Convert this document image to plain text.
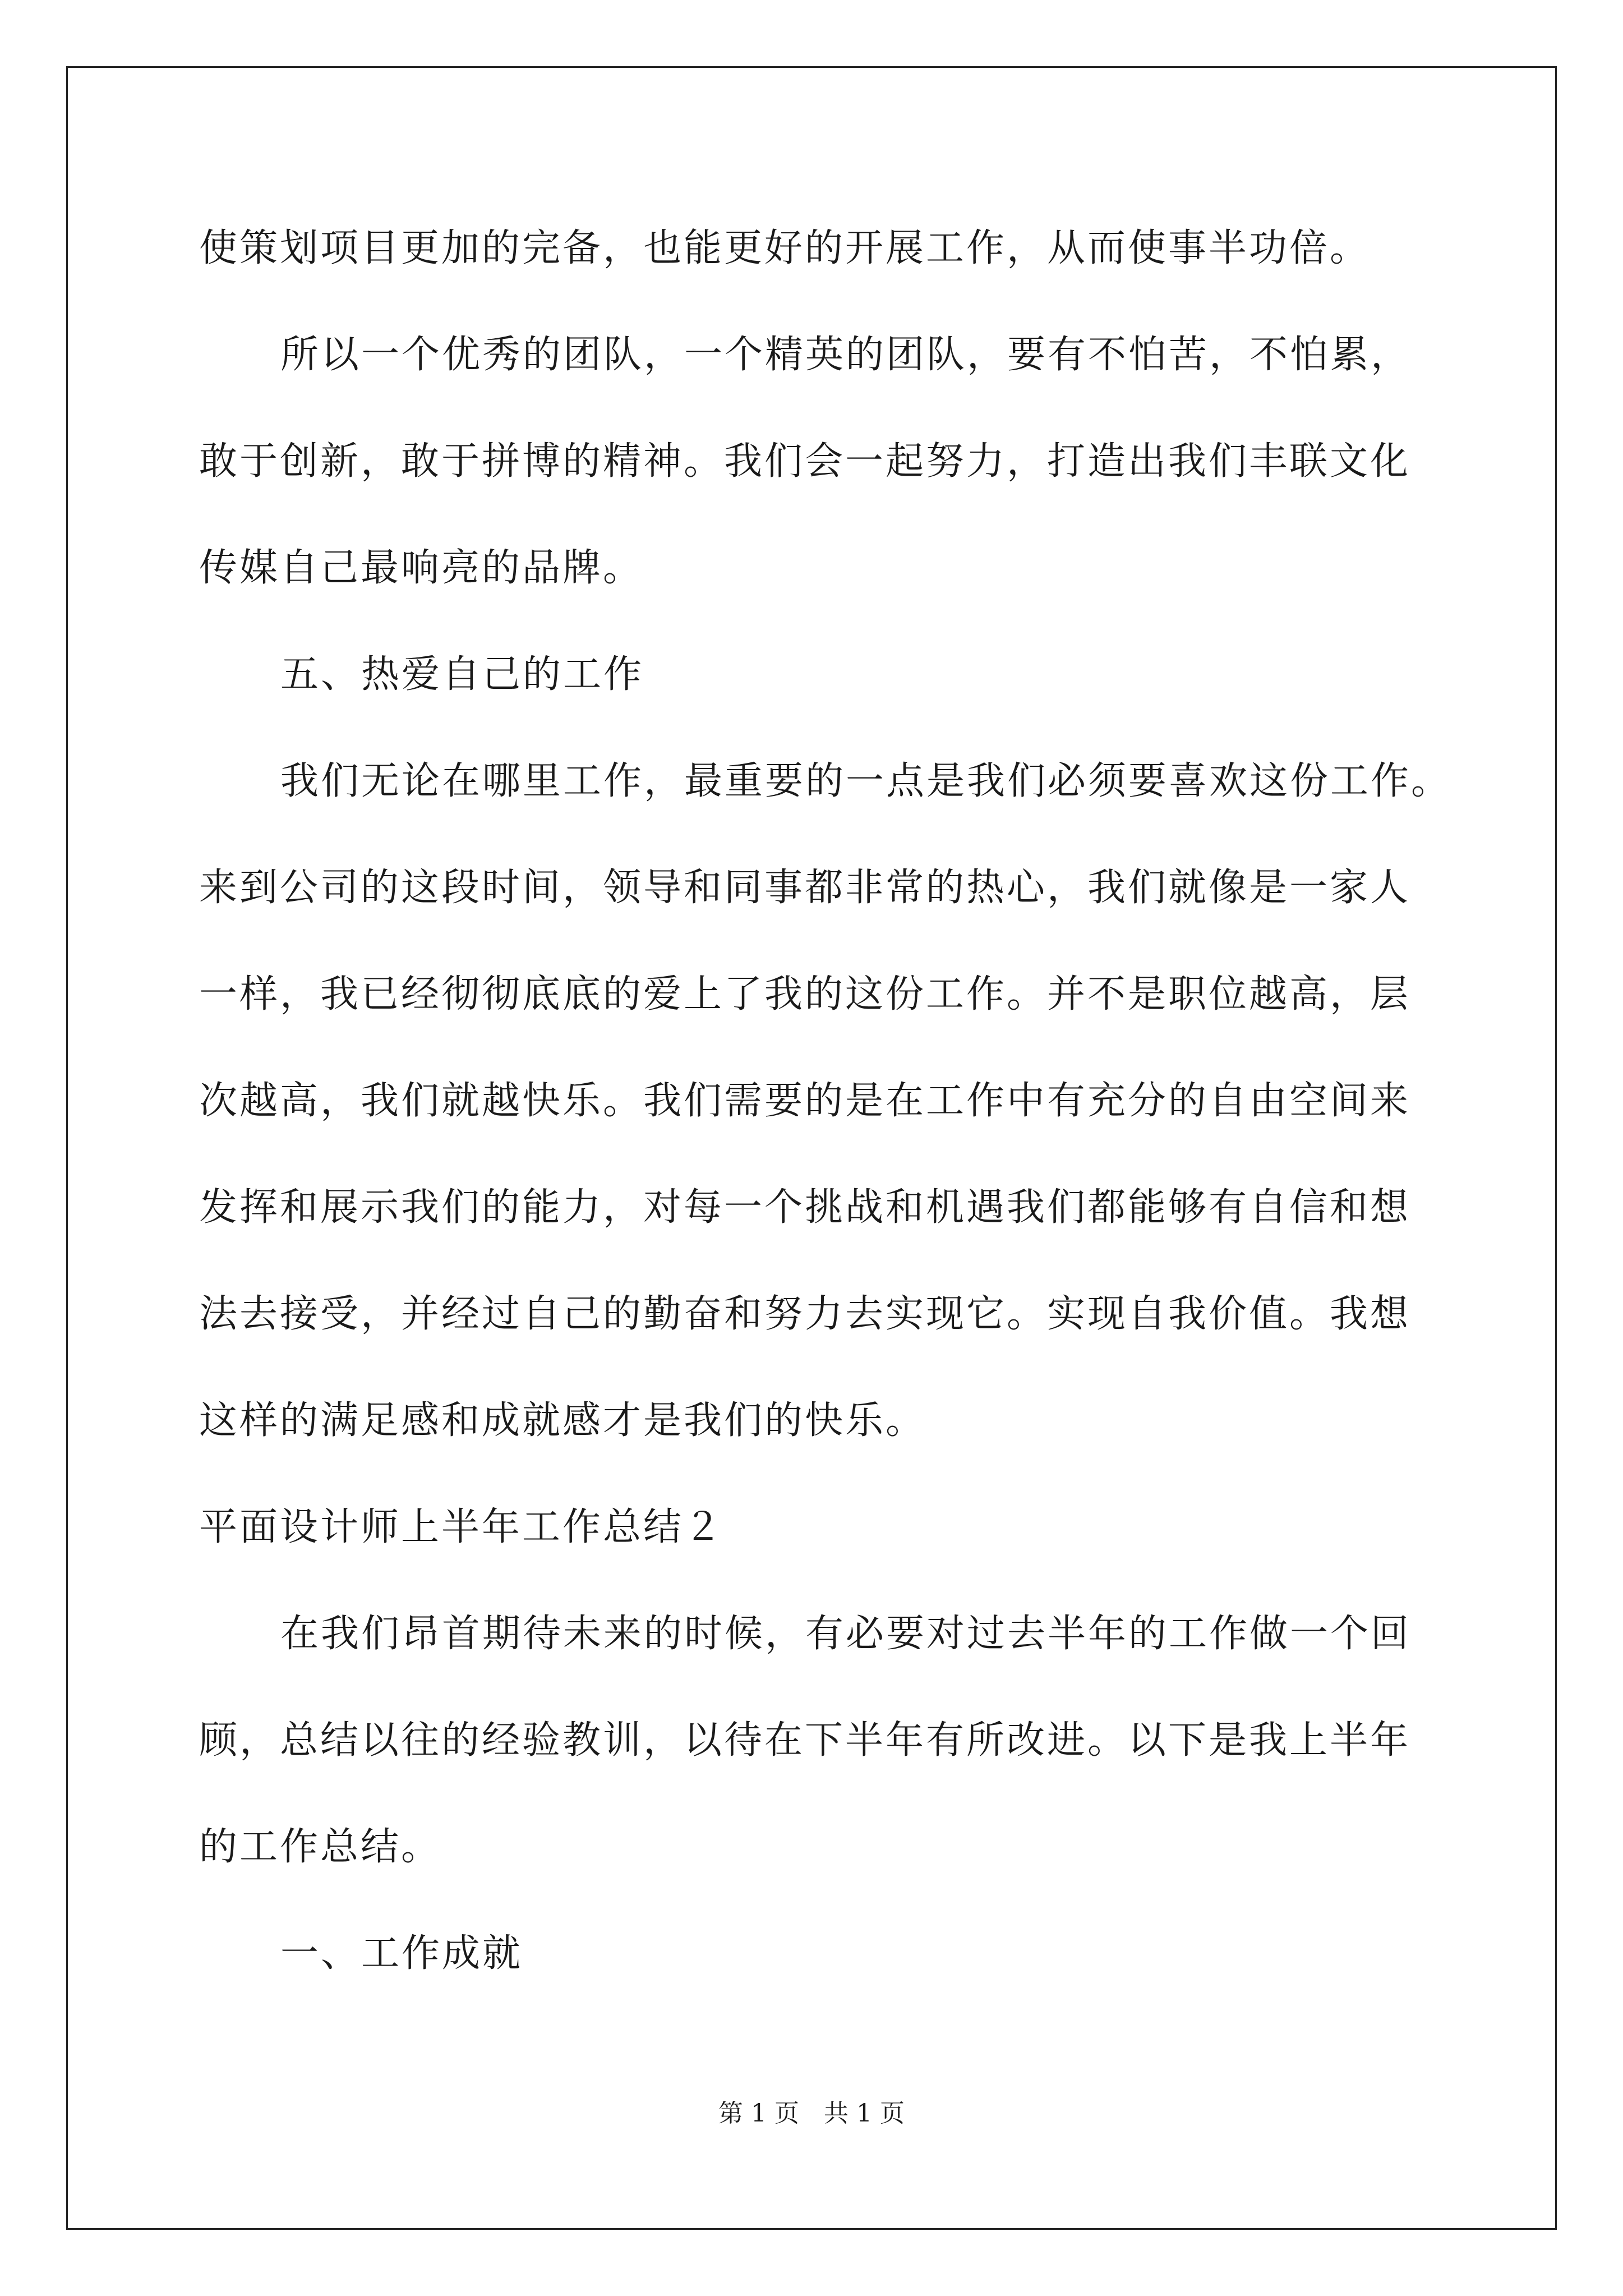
使策划项目更加的完备，也能更好的开展工作，从而使事半功倍。
所以一个优秀的团队，一个精英的团队，要有不怕苦，不怕累，
敢于创新，敢于拼博的精神。我们会一起努力，打造出我们丰联文化
传媒自己最响亮的品牌。
五、热爱自己的工作
我们无论在哪里工作，最重要的一点是我们必须要喜欢这份工作。
来到公司的这段时间，领导和同事都非常的热心，我们就像是一家人
一样，我已经彻彻底底的爱上了我的这份工作。并不是职位越高，层
次越高，我们就越快乐。我们需要的是在工作中有充分的自由空间来
发挥和展示我们的能力，对每一个挑战和机遇我们都能够有自信和想
法去接受，并经过自己的勤奋和努力去实现它。实现自我价值。我想
这样的满足感和成就感才是我们的快乐。
平面设计师上半年工作总结２
在我们昂首期待未来的时候，有必要对过去半年的工作做一个回
顾，总结以往的经验教训，以待在下半年有所改进。以下是我上半年
的工作总结。
一、工作成就
第 1 页　共 1 页
